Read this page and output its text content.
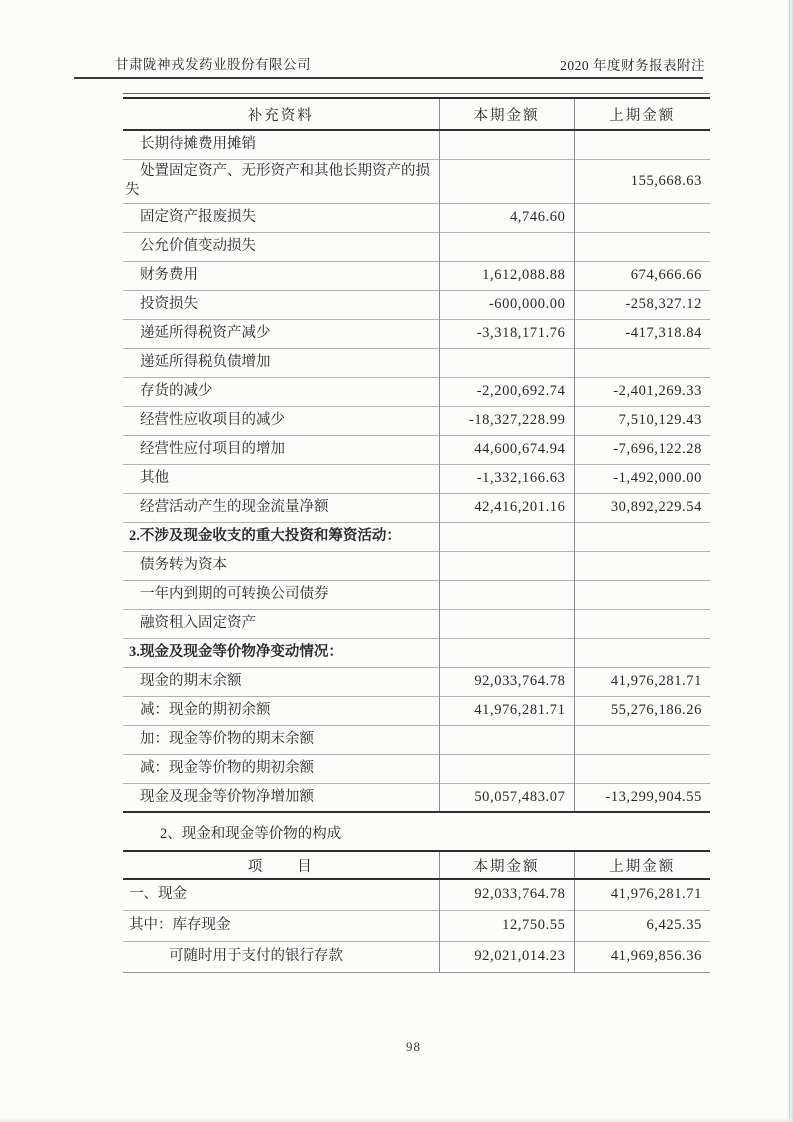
甘肃陇神戎发药业股份有限公司	2020 年度财务报表附注
补充资料	本期金额	上期金额
长期待摊费用摊销		
处置固定资产、无形资产和其他长期资产的损失		155,668.63
固定资产报废损失	4,746.60	
公允价值变动损失		
财务费用	1,612,088.88	674,666.66
投资损失	-600,000.00	-258,327.12
递延所得税资产减少	-3,318,171.76	-417,318.84
递延所得税负债增加		
存货的减少	-2,200,692.74	-2,401,269.33
经营性应收项目的减少	-18,327,228.99	7,510,129.43
经营性应付项目的增加	44,600,674.94	-7,696,122.28
其他	-1,332,166.63	-1,492,000.00
经营活动产生的现金流量净额	42,416,201.16	30,892,229.54
2.不涉及现金收支的重大投资和筹资活动：		
债务转为资本		
一年内到期的可转换公司债券		
融资租入固定资产		
3.现金及现金等价物净变动情况：		
现金的期末余额	92,033,764.78	41,976,281.71
减：现金的期初余额	41,976,281.71	55,276,186.26
加：现金等价物的期末余额		
减：现金等价物的期初余额		
现金及现金等价物净增加额	50,057,483.07	-13,299,904.55
2、现金和现金等价物的构成
项　　目	本期金额	上期金额
一、现金	92,033,764.78	41,976,281.71
其中：库存现金	12,750.55	6,425.35
可随时用于支付的银行存款	92,021,014.23	41,969,856.36
98
